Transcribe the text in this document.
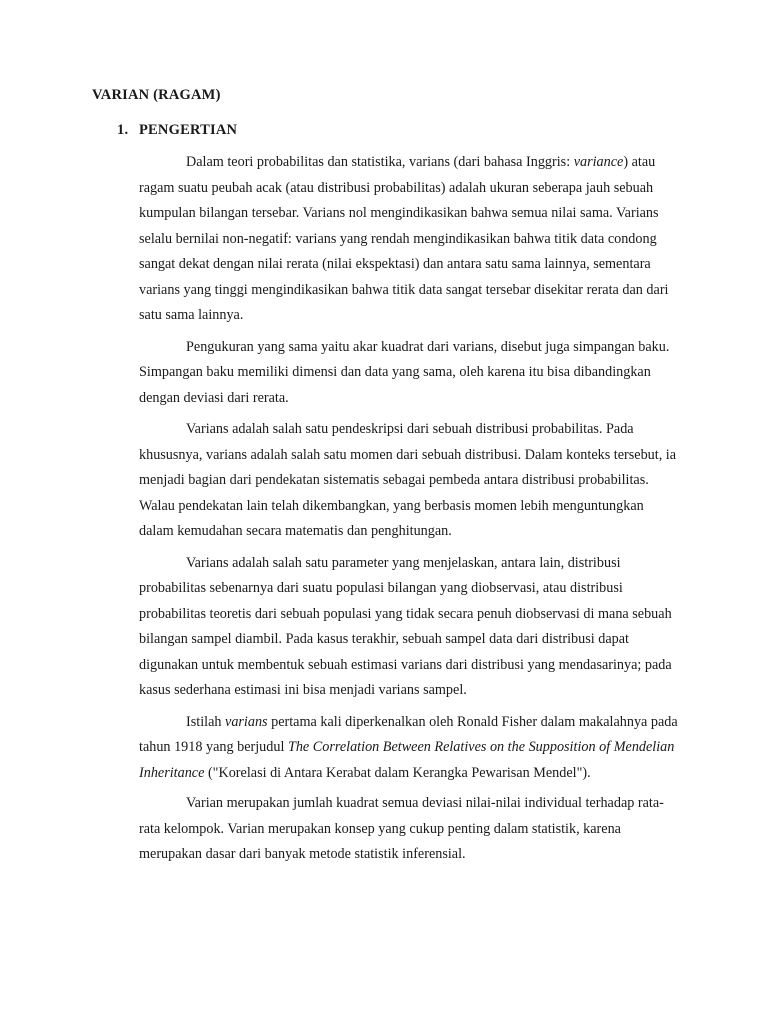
VARIAN (RAGAM)
1. PENGERTIAN

Dalam teori probabilitas dan statistika, varians (dari bahasa Inggris: variance) atau ragam suatu peubah acak (atau distribusi probabilitas) adalah ukuran seberapa jauh sebuah kumpulan bilangan tersebar. Varians nol mengindikasikan bahwa semua nilai sama. Varians selalu bernilai non-negatif: varians yang rendah mengindikasikan bahwa titik data condong sangat dekat dengan nilai rerata (nilai ekspektasi) dan antara satu sama lainnya, sementara varians yang tinggi mengindikasikan bahwa titik data sangat tersebar disekitar rerata dan dari satu sama lainnya.

Pengukuran yang sama yaitu akar kuadrat dari varians, disebut juga simpangan baku. Simpangan baku memiliki dimensi dan data yang sama, oleh karena itu bisa dibandingkan dengan deviasi dari rerata.

Varians adalah salah satu pendeskripsi dari sebuah distribusi probabilitas. Pada khususnya, varians adalah salah satu momen dari sebuah distribusi. Dalam konteks tersebut, ia menjadi bagian dari pendekatan sistematis sebagai pembeda antara distribusi probabilitas. Walau pendekatan lain telah dikembangkan, yang berbasis momen lebih menguntungkan dalam kemudahan secara matematis dan penghitungan.

Varians adalah salah satu parameter yang menjelaskan, antara lain, distribusi probabilitas sebenarnya dari suatu populasi bilangan yang diobservasi, atau distribusi probabilitas teoretis dari sebuah populasi yang tidak secara penuh diobservasi di mana sebuah bilangan sampel diambil. Pada kasus terakhir, sebuah sampel data dari distribusi dapat digunakan untuk membentuk sebuah estimasi varians dari distribusi yang mendasarinya; pada kasus sederhana estimasi ini bisa menjadi varians sampel.

Istilah varians pertama kali diperkenalkan oleh Ronald Fisher dalam makalahnya pada tahun 1918 yang berjudul The Correlation Between Relatives on the Supposition of Mendelian Inheritance ("Korelasi di Antara Kerabat dalam Kerangka Pewarisan Mendel").

Varian merupakan jumlah kuadrat semua deviasi nilai-nilai individual terhadap rata-rata kelompok. Varian merupakan konsep yang cukup penting dalam statistik, karena merupakan dasar dari banyak metode statistik inferensial.
